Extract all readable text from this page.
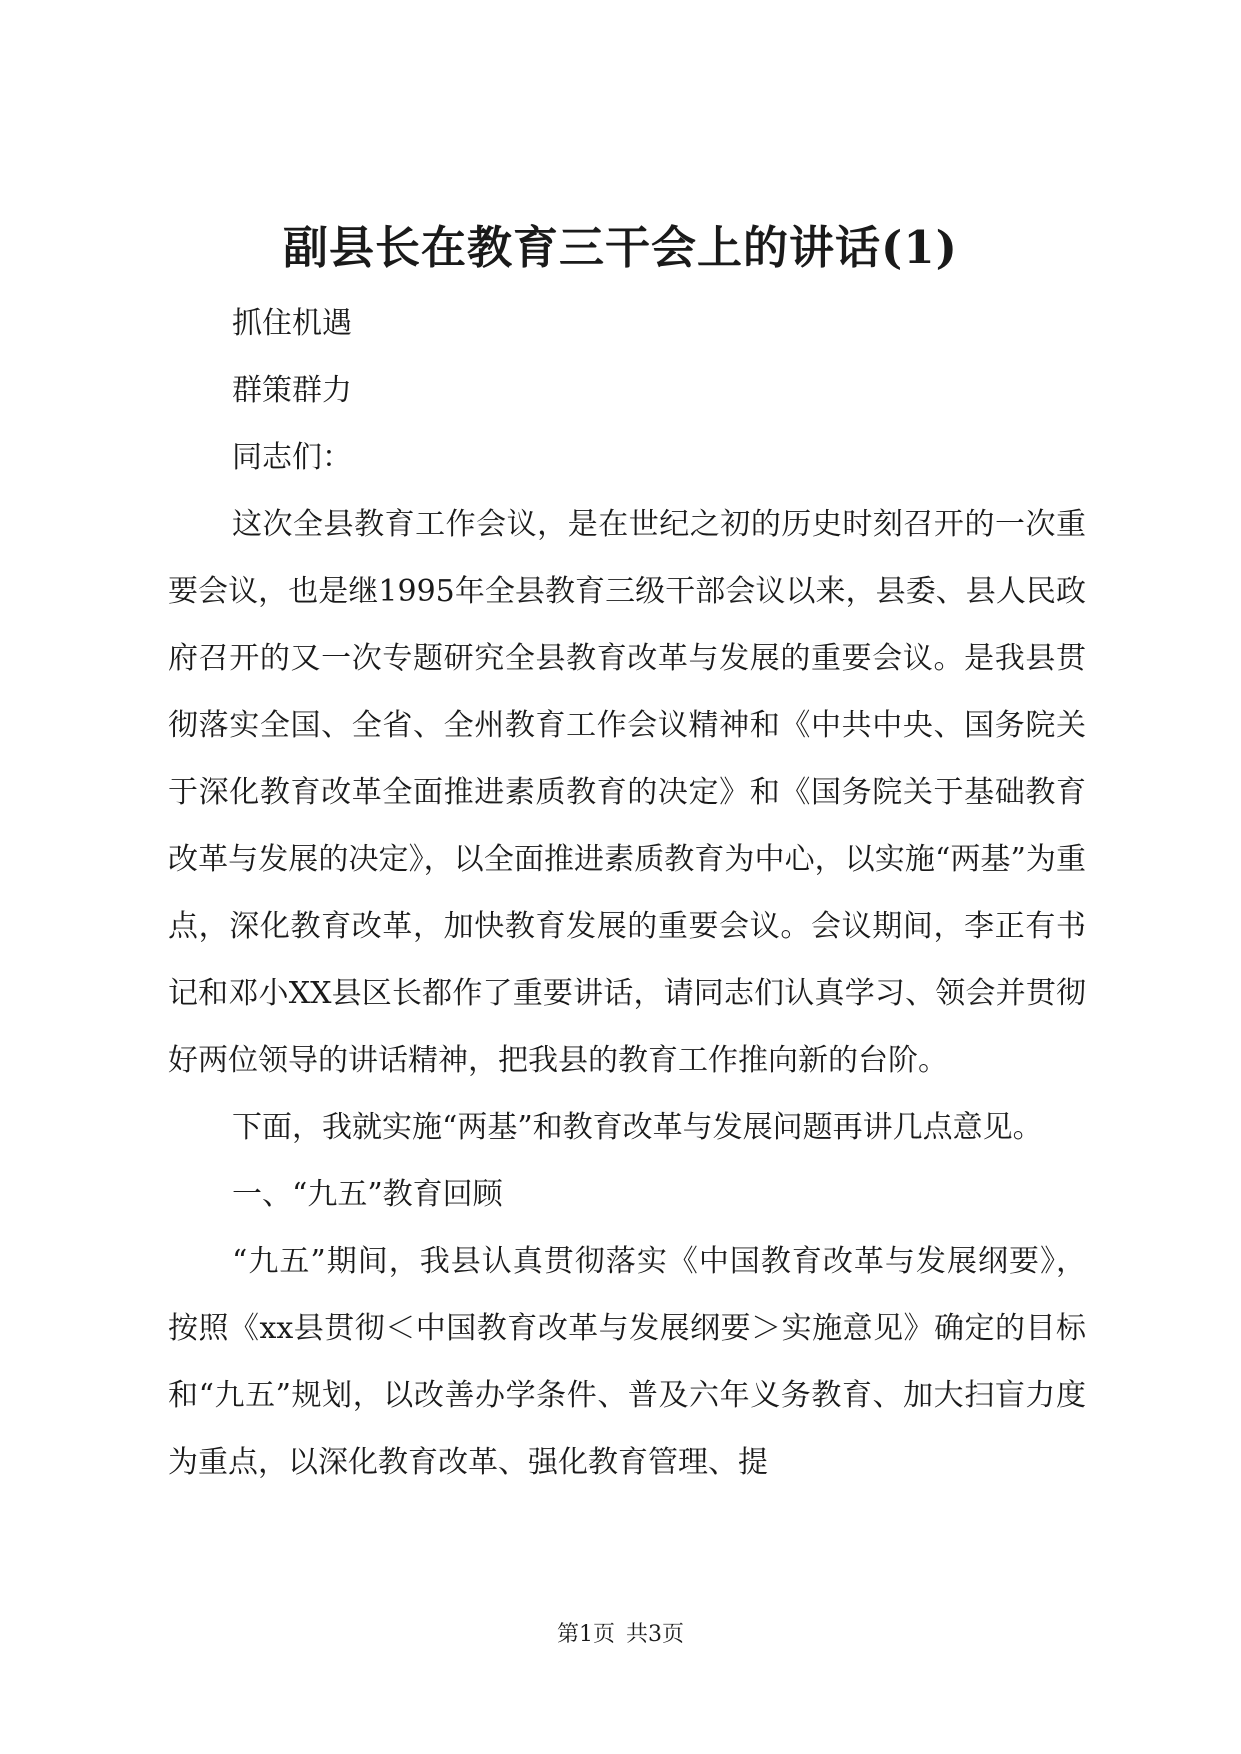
副县长在教育三干会上的讲话(1)

抓住机遇

群策群力

同志们：

这次全县教育工作会议，是在世纪之初的历史时刻召开的一次重要会议，也是继1995年全县教育三级干部会议以来，县委、县人民政府召开的又一次专题研究全县教育改革与发展的重要会议。是我县贯彻落实全国、全省、全州教育工作会议精神和《中共中央、国务院关于深化教育改革全面推进素质教育的决定》和《国务院关于基础教育改革与发展的决定》，以全面推进素质教育为中心，以实施“两基”为重点，深化教育改革，加快教育发展的重要会议。会议期间，李正有书记和邓小XX县区长都作了重要讲话，请同志们认真学习、领会并贯彻好两位领导的讲话精神，把我县的教育工作推向新的台阶。

下面，我就实施“两基”和教育改革与发展问题再讲几点意见。

一、“九五”教育回顾

“九五”期间，我县认真贯彻落实《中国教育改革与发展纲要》，按照《xx县贯彻＜中国教育改革与发展纲要＞实施意见》确定的目标和“九五”规划，以改善办学条件、普及六年义务教育、加大扫盲力度为重点，以深化教育改革、强化教育管理、提

第1页 共3页
